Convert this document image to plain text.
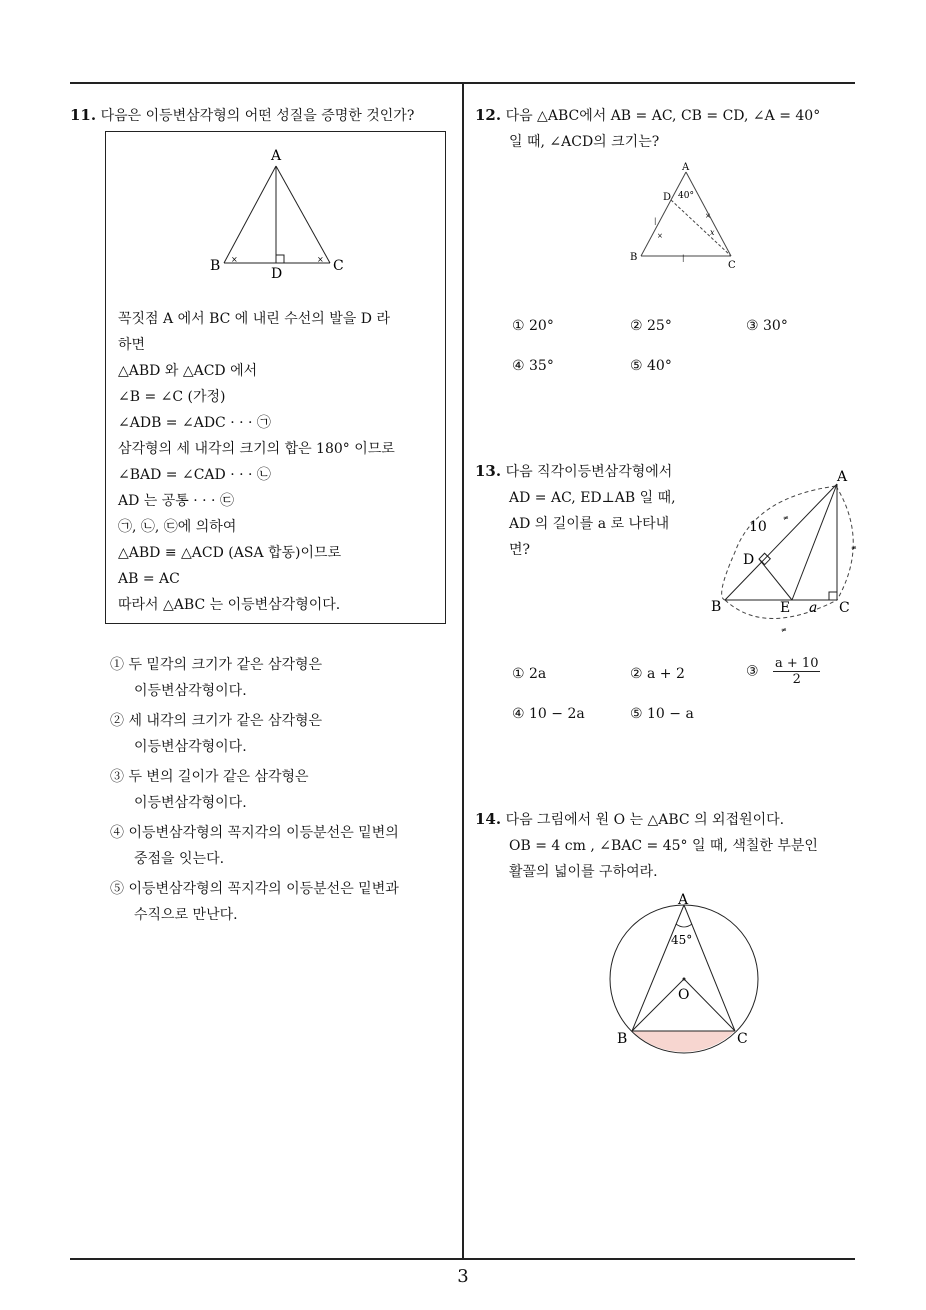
11. 다음은 이등변삼각형의 어떤 성질을 증명한 것인가?
×	×
A
B	C
D
꼭짓점 A 에서 BC 에 내린 수선의 발을 D 라
하면
△ABD 와 △ACD 에서
∠B = ∠C (가정)
∠ADB = ∠ADC · · · ㉠
삼각형의 세 내각의 크기의 합은 180° 이므로
∠BAD = ∠CAD · · · ㉡
AD 는 공통 · · · ㉢
㉠, ㉡, ㉢에 의하여
△ABD ≡ △ACD (ASA 합동)이므로
AB = AC
따라서 △ABC 는 이등변삼각형이다.
① 두 밑각의 크기가 같은 삼각형은
이등변삼각형이다.
② 세 내각의 크기가 같은 삼각형은
이등변삼각형이다.
③ 두 변의 길이가 같은 삼각형은
이등변삼각형이다.
④ 이등변삼각형의 꼭지각의 이등분선은 밑변의
중점을 잇는다.
⑤ 이등변삼각형의 꼭지각의 이등분선은 밑변과
수직으로 만난다.
12. 다음 △ABC에서 AB = AC, CB = CD, ∠A = 40°
일 때, ∠ACD의 크기는?
|
|
×
×
A
B
C
D 40°
x
① 20°	② 25°	③ 30°
④ 35°	⑤ 40°
13. 다음 직각이등변삼각형에서
AD = AC, ED⊥AB 일 때,
AD 의 길이를 a 로 나타내
면?
≠
≠
≠
A
B	C
D
E
10
a
① 2a	② a + 2	③ $\frac{a + 10}{2}$
④ 10 − 2a	⑤ 10 − a
14. 다음 그림에서 원 O 는 △ABC 의 외접원이다.
OB = 4 cm , ∠BAC = 45° 일 때, 색칠한 부분인
활꼴의 넓이를 구하여라.
A
B	C
O
45°
3
